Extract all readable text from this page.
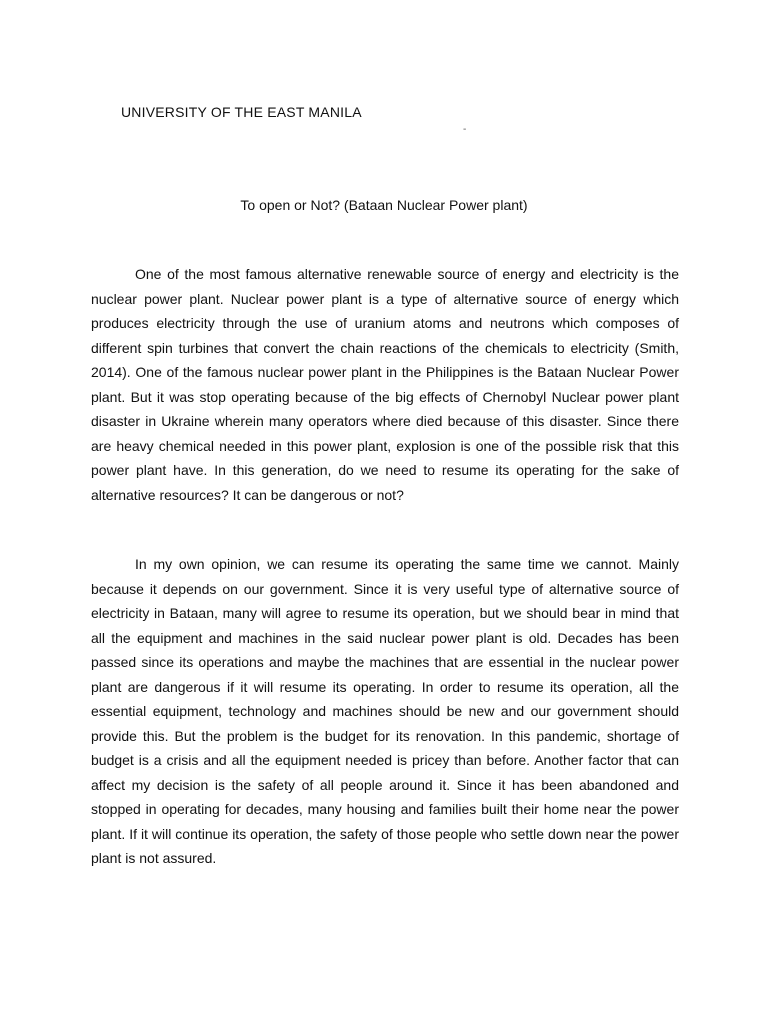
UNIVERSITY OF THE EAST MANILA
-
To open or Not? (Bataan Nuclear Power plant)

One of the most famous alternative renewable source of energy and electricity is the nuclear power plant. Nuclear power plant is a type of alternative source of energy which produces electricity through the use of uranium atoms and neutrons which composes of different spin turbines that convert the chain reactions of the chemicals to electricity (Smith, 2014). One of the famous nuclear power plant in the Philippines is the Bataan Nuclear Power plant. But it was stop operating because of the big effects of Chernobyl Nuclear power plant disaster in Ukraine wherein many operators where died because of this disaster. Since there are heavy chemical needed in this power plant, explosion is one of the possible risk that this power plant have. In this generation, do we need to resume its operating for the sake of alternative resources? It can be dangerous or not?

In my own opinion, we can resume its operating the same time we cannot. Mainly because it depends on our government. Since it is very useful type of alternative source of electricity in Bataan, many will agree to resume its operation, but we should bear in mind that all the equipment and machines in the said nuclear power plant is old. Decades has been passed since its operations and maybe the machines that are essential in the nuclear power plant are dangerous if it will resume its operating. In order to resume its operation, all the essential equipment, technology and machines should be new and our government should provide this. But the problem is the budget for its renovation. In this pandemic, shortage of budget is a crisis and all the equipment needed is pricey than before. Another factor that can affect my decision is the safety of all people around it. Since it has been abandoned and stopped in operating for decades, many housing and families built their home near the power plant. If it will continue its operation, the safety of those people who settle down near the power plant is not assured.
